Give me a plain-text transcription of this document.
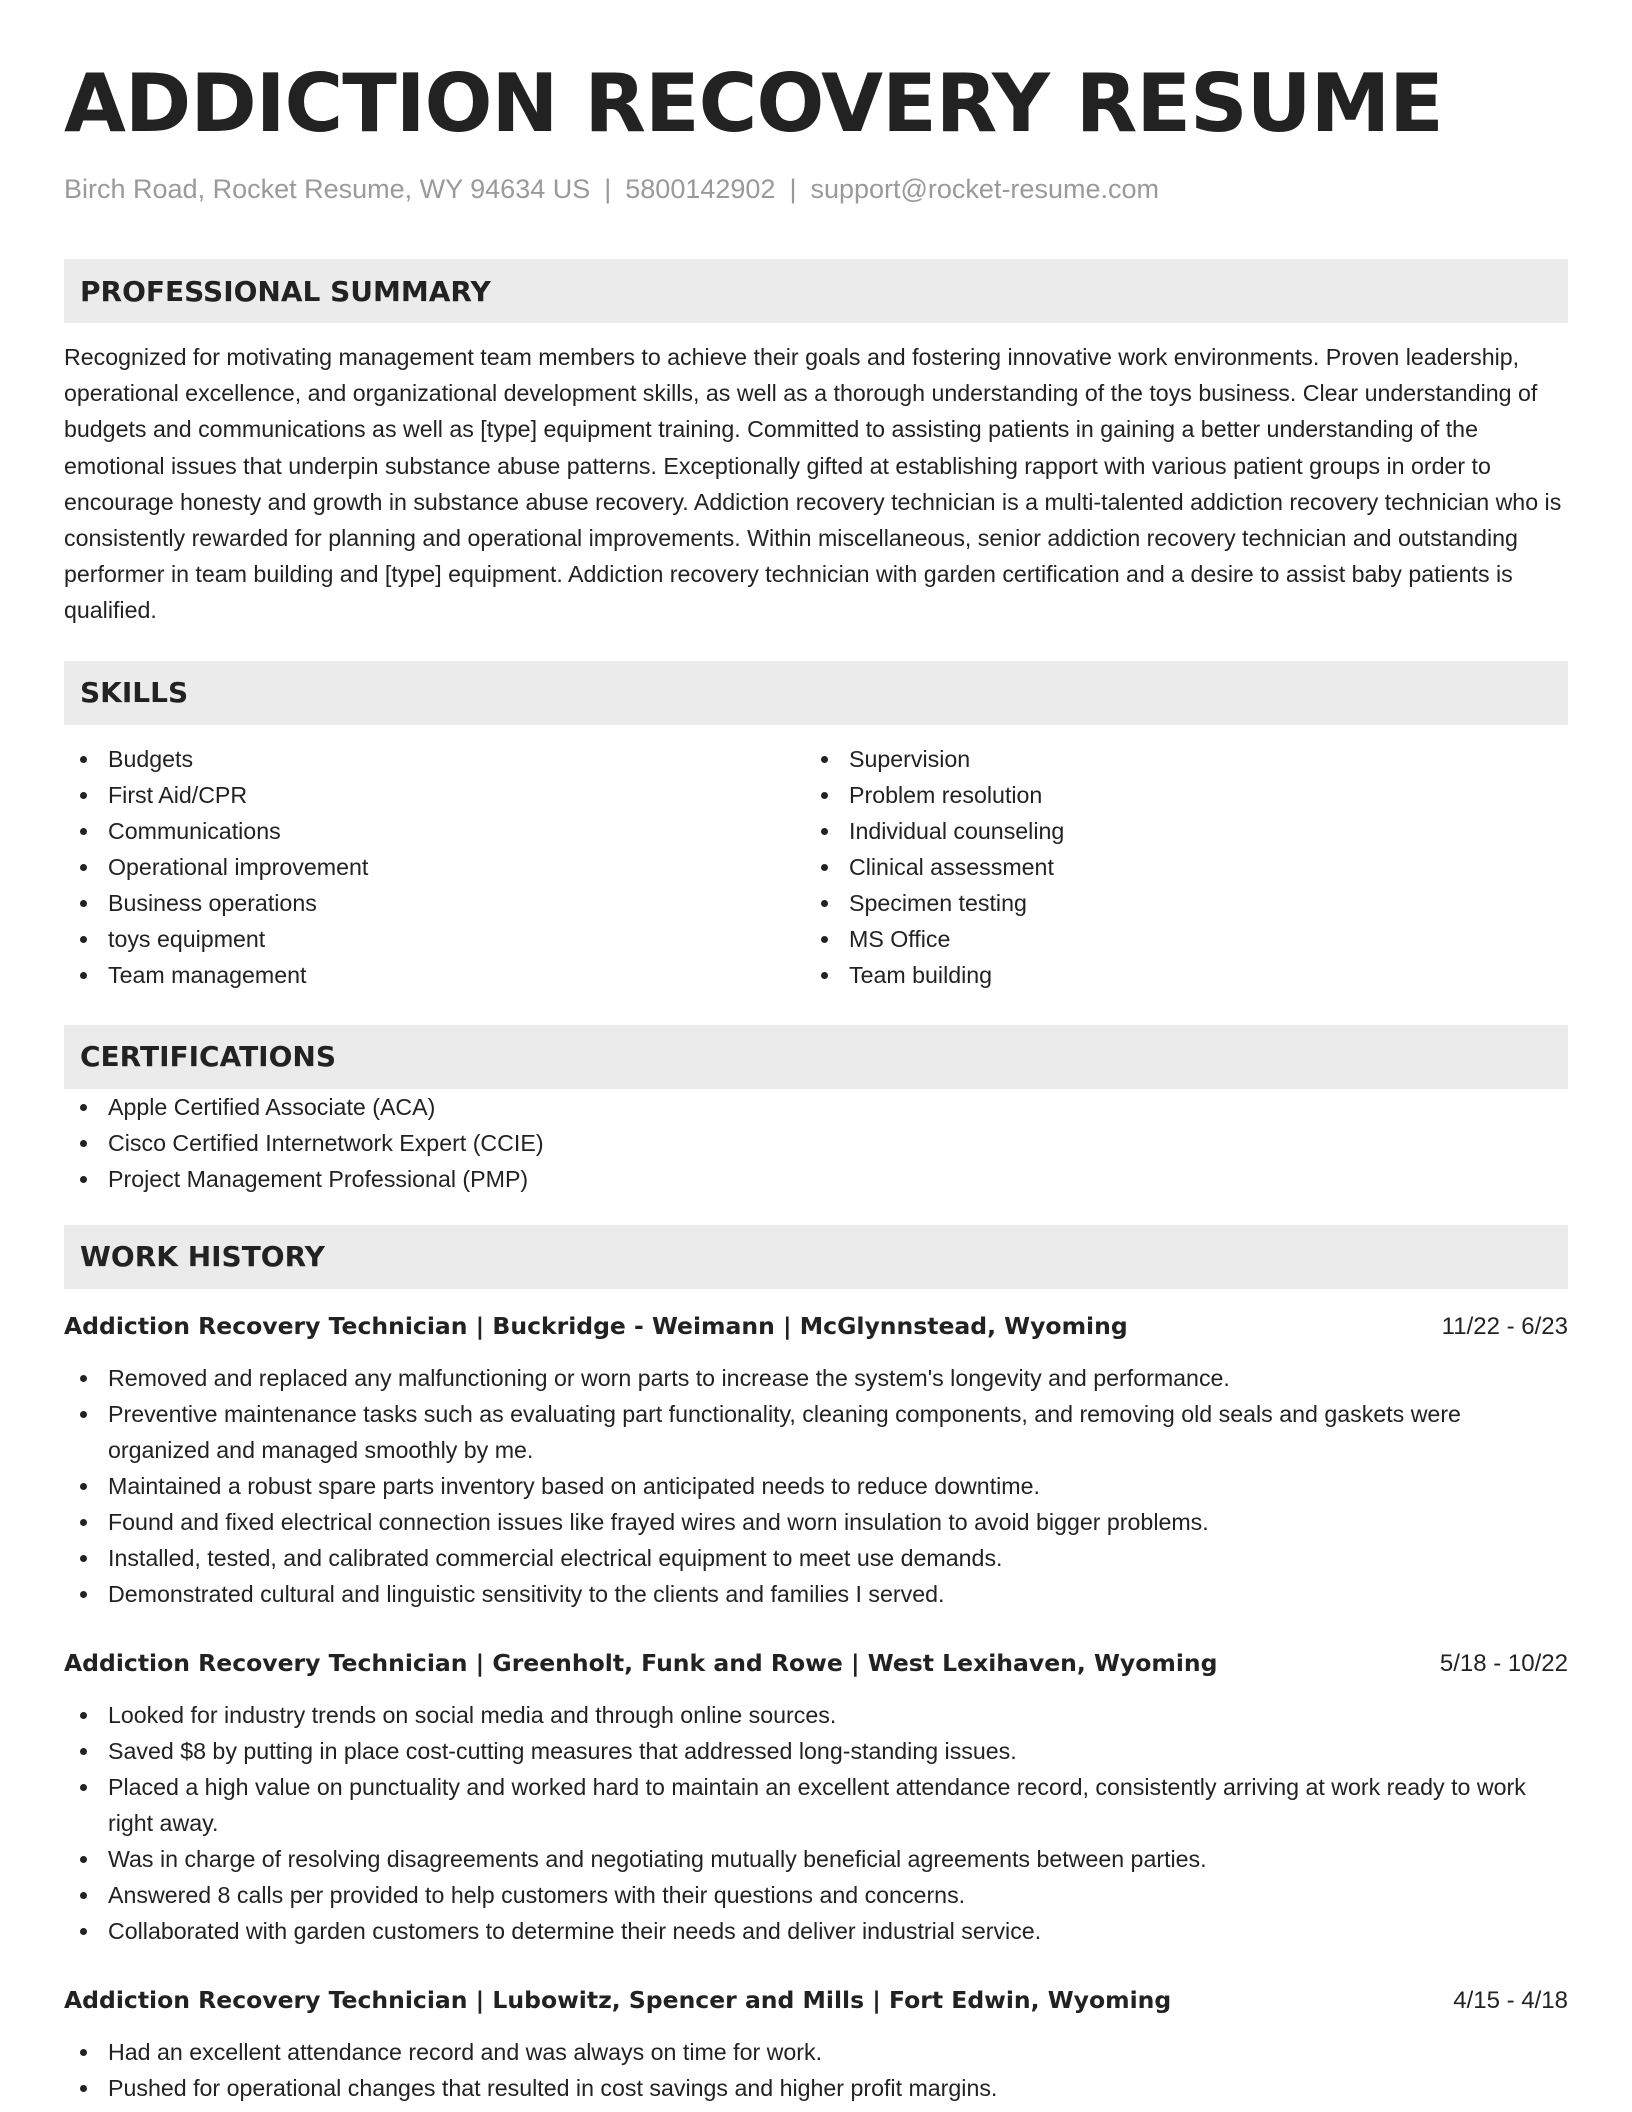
ADDICTION RECOVERY RESUME
Birch Road, Rocket Resume, WY 94634 US | 5800142902 | support@rocket-resume.com
PROFESSIONAL SUMMARY
Recognized for motivating management team members to achieve their goals and fostering innovative work environments. Proven leadership, operational excellence, and organizational development skills, as well as a thorough understanding of the toys business. Clear understanding of budgets and communications as well as [type] equipment training. Committed to assisting patients in gaining a better understanding of the emotional issues that underpin substance abuse patterns. Exceptionally gifted at establishing rapport with various patient groups in order to encourage honesty and growth in substance abuse recovery. Addiction recovery technician is a multi-talented addiction recovery technician who is consistently rewarded for planning and operational improvements. Within miscellaneous, senior addiction recovery technician and outstanding performer in team building and [type] equipment. Addiction recovery technician with garden certification and a desire to assist baby patients is qualified.
SKILLS
Budgets
First Aid/CPR
Communications
Operational improvement
Business operations
toys equipment
Team management
Supervision
Problem resolution
Individual counseling
Clinical assessment
Specimen testing
MS Office
Team building
CERTIFICATIONS
Apple Certified Associate (ACA)
Cisco Certified Internetwork Expert (CCIE)
Project Management Professional (PMP)
WORK HISTORY
Addiction Recovery Technician | Buckridge - Weimann | McGlynnstead, Wyoming	11/22 - 6/23
Removed and replaced any malfunctioning or worn parts to increase the system's longevity and performance.
Preventive maintenance tasks such as evaluating part functionality, cleaning components, and removing old seals and gaskets were organized and managed smoothly by me.
Maintained a robust spare parts inventory based on anticipated needs to reduce downtime.
Found and fixed electrical connection issues like frayed wires and worn insulation to avoid bigger problems.
Installed, tested, and calibrated commercial electrical equipment to meet use demands.
Demonstrated cultural and linguistic sensitivity to the clients and families I served.
Addiction Recovery Technician | Greenholt, Funk and Rowe | West Lexihaven, Wyoming	5/18 - 10/22
Looked for industry trends on social media and through online sources.
Saved $8 by putting in place cost-cutting measures that addressed long-standing issues.
Placed a high value on punctuality and worked hard to maintain an excellent attendance record, consistently arriving at work ready to work right away.
Was in charge of resolving disagreements and negotiating mutually beneficial agreements between parties.
Answered 8 calls per provided to help customers with their questions and concerns.
Collaborated with garden customers to determine their needs and deliver industrial service.
Addiction Recovery Technician | Lubowitz, Spencer and Mills | Fort Edwin, Wyoming	4/15 - 4/18
Had an excellent attendance record and was always on time for work.
Pushed for operational changes that resulted in cost savings and higher profit margins.
